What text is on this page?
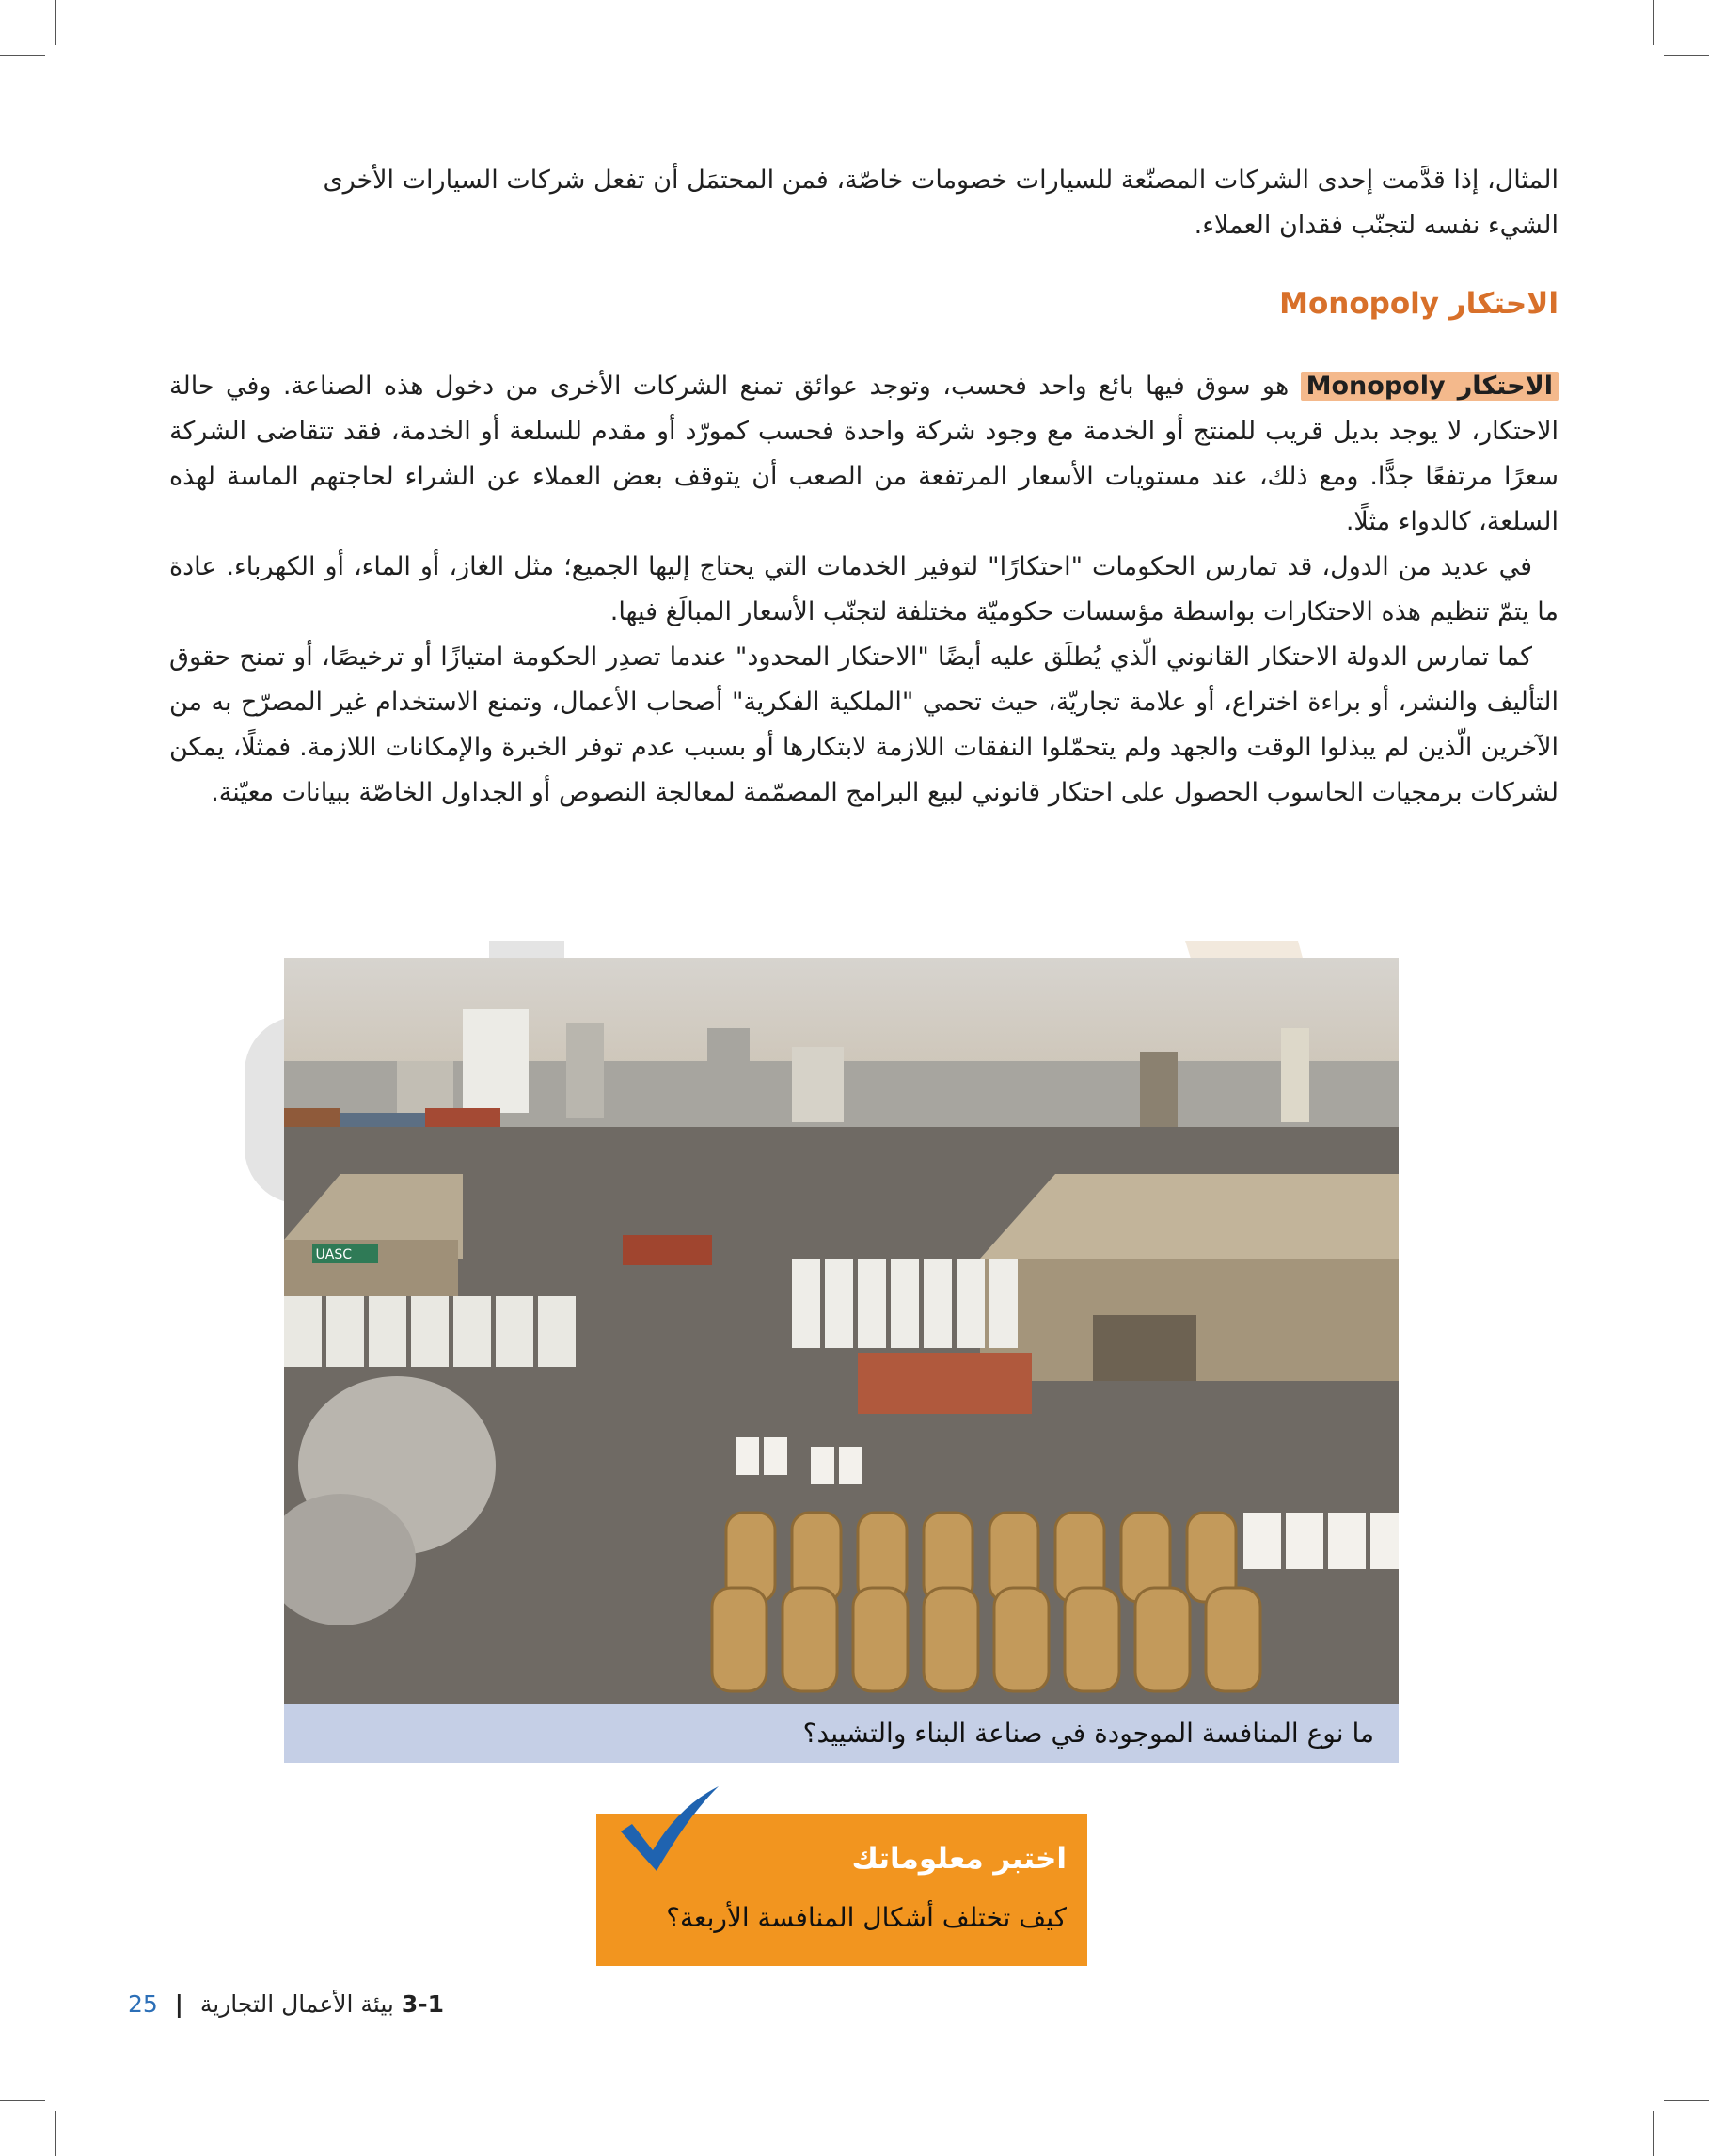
المثال، إذا قدَّمت إحدى الشركات المصنّعة للسيارات خصومات خاصّة، فمن المحتمَل أن تفعل شركات السيارات الأخرى

الشيء نفسه لتجنّب فقدان العملاء.

الاحتكار Monopoly

الاحتكار Monopoly هو سوق فيها بائع واحد فحسب، وتوجد عوائق تمنع الشركات الأخرى من دخول هذه الصناعة. وفي حالة الاحتكار، لا يوجد بديل قريب للمنتج أو الخدمة مع وجود شركة واحدة فحسب كمورّد أو مقدم للسلعة أو الخدمة، فقد تتقاضى الشركة سعرًا مرتفعًا جدًّا. ومع ذلك، عند مستويات الأسعار المرتفعة من الصعب أن يتوقف بعض العملاء عن الشراء لحاجتهم الماسة لهذه السلعة، كالدواء مثلًا.

في عديد من الدول، قد تمارس الحكومات "احتكارًا" لتوفير الخدمات التي يحتاج إليها الجميع؛ مثل الغاز، أو الماء، أو الكهرباء. عادة ما يتمّ تنظيم هذه الاحتكارات بواسطة مؤسسات حكوميّة مختلفة لتجنّب الأسعار المبالَغ فيها.

كما تمارس الدولة الاحتكار القانوني الّذي يُطلَق عليه أيضًا "الاحتكار المحدود" عندما تصدِر الحكومة امتيازًا أو ترخيصًا، أو تمنح حقوق التأليف والنشر، أو براءة اختراع، أو علامة تجاريّة، حيث تحمي "الملكية الفكرية" أصحاب الأعمال، وتمنع الاستخدام غير المصرّح به من الآخرين الّذين لم يبذلوا الوقت والجهد ولم يتحمّلوا النفقات اللازمة لابتكارها أو بسبب عدم توفر الخبرة والإمكانات اللازمة. فمثلًا، يمكن لشركات برمجيات الحاسوب الحصول على احتكار قانوني لبيع البرامج المصمّمة لمعالجة النصوص أو الجداول الخاصّة ببيانات معيّنة.

UASC
ما نوع المنافسة الموجودة في صناعة البناء والتشييد؟
اختبر معلوماتك
كيف تختلف أشكال المنافسة الأربعة؟
3-1 بيئة الأعمال التجارية | 25
